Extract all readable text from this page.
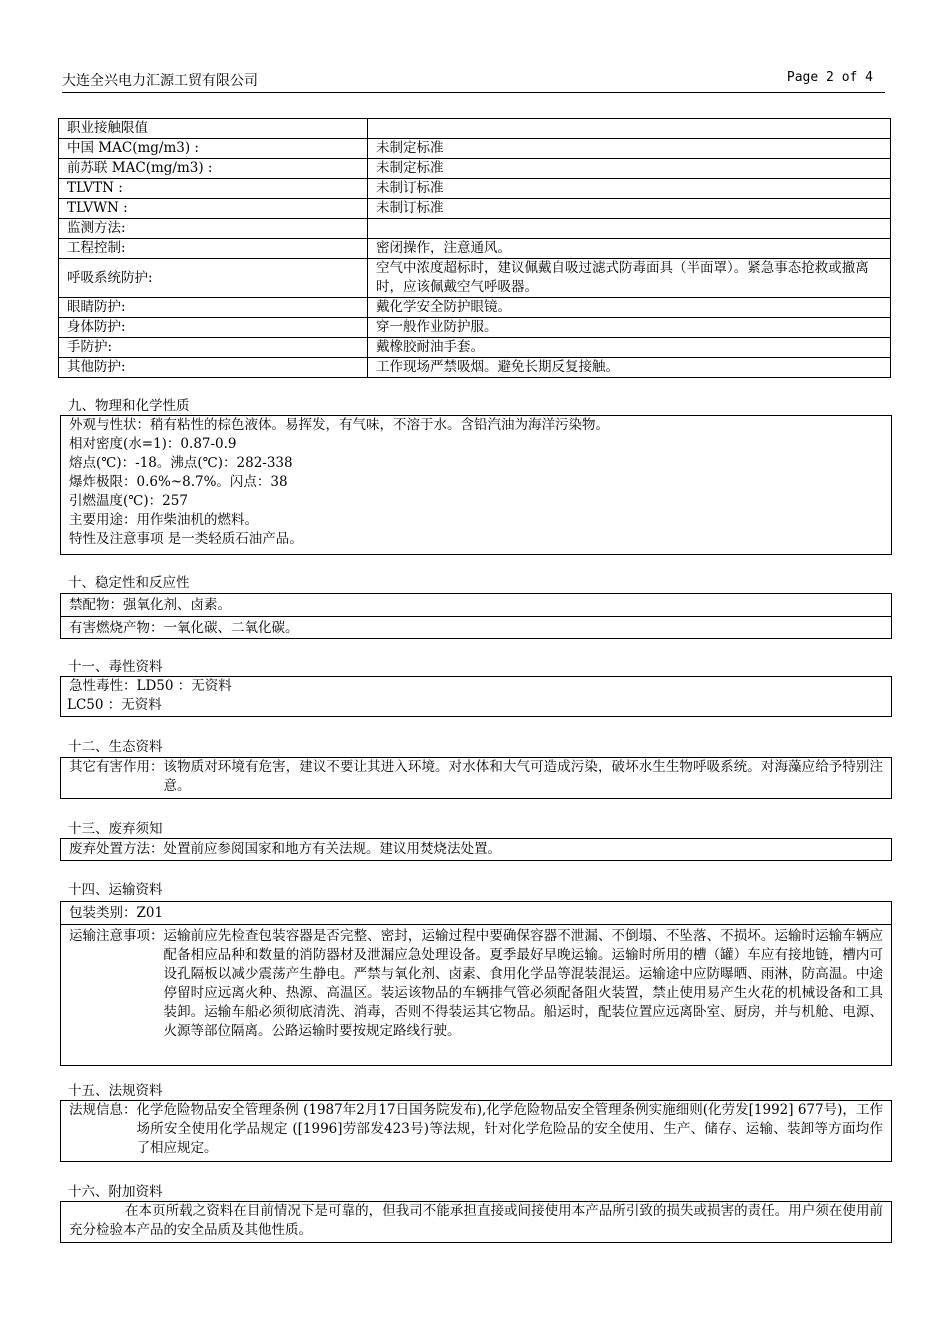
大连全兴电力汇源工贸有限公司	Page 2 of 4
职业接触限值	
中国 MAC(mg/m3) :	未制定标准
前苏联 MAC(mg/m3) :	未制定标准
TLVTN :	未制订标准
TLVWN :	未制订标准
监测方法:	
工程控制:	密闭操作，注意通风。
呼吸系统防护:	空气中浓度超标时，建议佩戴自吸过滤式防毒面具（半面罩）。紧急事态抢救或撤离时，应该佩戴空气呼吸器。
眼睛防护:	戴化学安全防护眼镜。
身体防护:	穿一般作业防护服。
手防护:	戴橡胶耐油手套。
其他防护:	工作现场严禁吸烟。避免长期反复接触。
九、物理和化学性质
外观与性状：稍有粘性的棕色液体。易挥发，有气味，不溶于水。含铅汽油为海洋污染物。
相对密度(水=1)：0.87-0.9
熔点(℃)：-18。沸点(℃)：282-338
爆炸极限：0.6%~8.7%。闪点：38
引燃温度(℃)：257
主要用途：用作柴油机的燃料。
特性及注意事项 是一类轻质石油产品。
十、稳定性和反应性
禁配物：强氧化剂、卤素。
有害燃烧产物：一氧化碳、二氧化碳。
十一、毒性资料
急性毒性：LD50 ：无资料
LC50 ：无资料
十二、生态资料
其它有害作用： 该物质对环境有危害，建议不要让其进入环境。对水体和大气可造成污染，破坏水生生物呼吸系统。对海藻应给予特别注意。
十三、废弃须知
废弃处置方法：处置前应参阅国家和地方有关法规。建议用焚烧法处置。
十四、运输资料
包装类别：Z01
运输注意事项： 运输前应先检查包装容器是否完整、密封，运输过程中要确保容器不泄漏、不倒塌、不坠落、不损坏。运输时运输车辆应配备相应品种和数量的消防器材及泄漏应急处理设备。夏季最好早晚运输。运输时所用的槽（罐）车应有接地链，槽内可设孔隔板以减少震荡产生静电。严禁与氧化剂、卤素、食用化学品等混装混运。运输途中应防曝晒、雨淋，防高温。中途停留时应远离火种、热源、高温区。装运该物品的车辆排气管必须配备阻火装置，禁止使用易产生火花的机械设备和工具装卸。运输车船必须彻底清洗、消毒，否则不得装运其它物品。船运时，配装位置应远离卧室、厨房，并与机舱、电源、火源等部位隔离。公路运输时要按规定路线行驶。
十五、法规资料
法规信息： 化学危险物品安全管理条例 (1987年2月17日国务院发布),化学危险物品安全管理条例实施细则(化劳发[1992] 677号)，工作场所安全使用化学品规定 ([1996]劳部发423号)等法规，针对化学危险品的安全使用、生产、储存、运输、装卸等方面均作了相应规定。
十六、附加资料
在本页所载之资料在目前情况下是可靠的，但我司不能承担直接或间接使用本产品所引致的损失或损害的责任。用户须在使用前充分检验本产品的安全品质及其他性质。
